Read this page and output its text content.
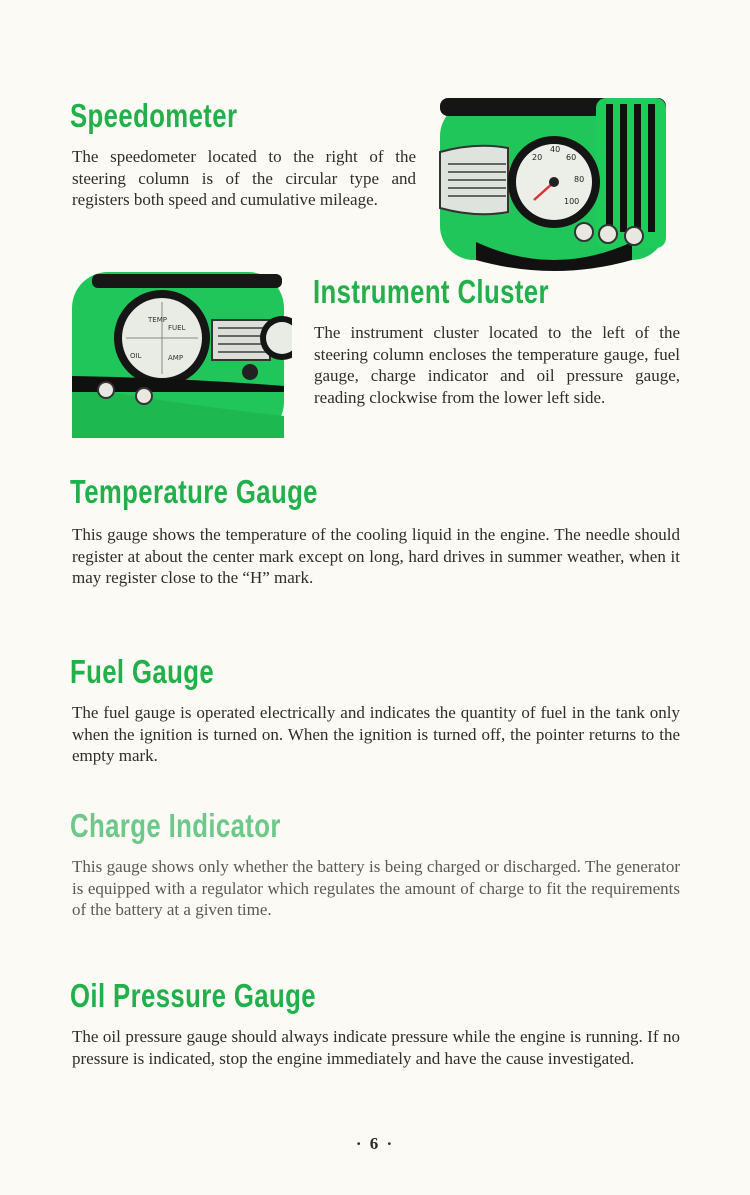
Speedometer

The speedometer located to the right of the steering column is of the circular type and registers both speed and cumulative mileage.

20
40
60
80
100
TEMP
FUEL
OIL	AMP
Instrument Cluster

The instrument cluster located to the left of the steering column encloses the temperature gauge, fuel gauge, charge indicator and oil pressure gauge, reading clockwise from the lower left side.

Temperature Gauge

This gauge shows the temperature of the cooling liquid in the engine. The needle should register at about the center mark except on long, hard drives in summer weather, when it may register close to the “H” mark.

Fuel Gauge

The fuel gauge is operated electrically and indicates the quantity of fuel in the tank only when the ignition is turned on. When the ignition is turned off, the pointer returns to the empty mark.

Charge Indicator

This gauge shows only whether the battery is being charged or discharged. The generator is equipped with a regulator which regulates the amount of charge to fit the requirements of the battery at a given time.

Oil Pressure Gauge

The oil pressure gauge should always indicate pressure while the engine is running. If no pressure is indicated, stop the engine immediately and have the cause investigated.

· 6 ·
